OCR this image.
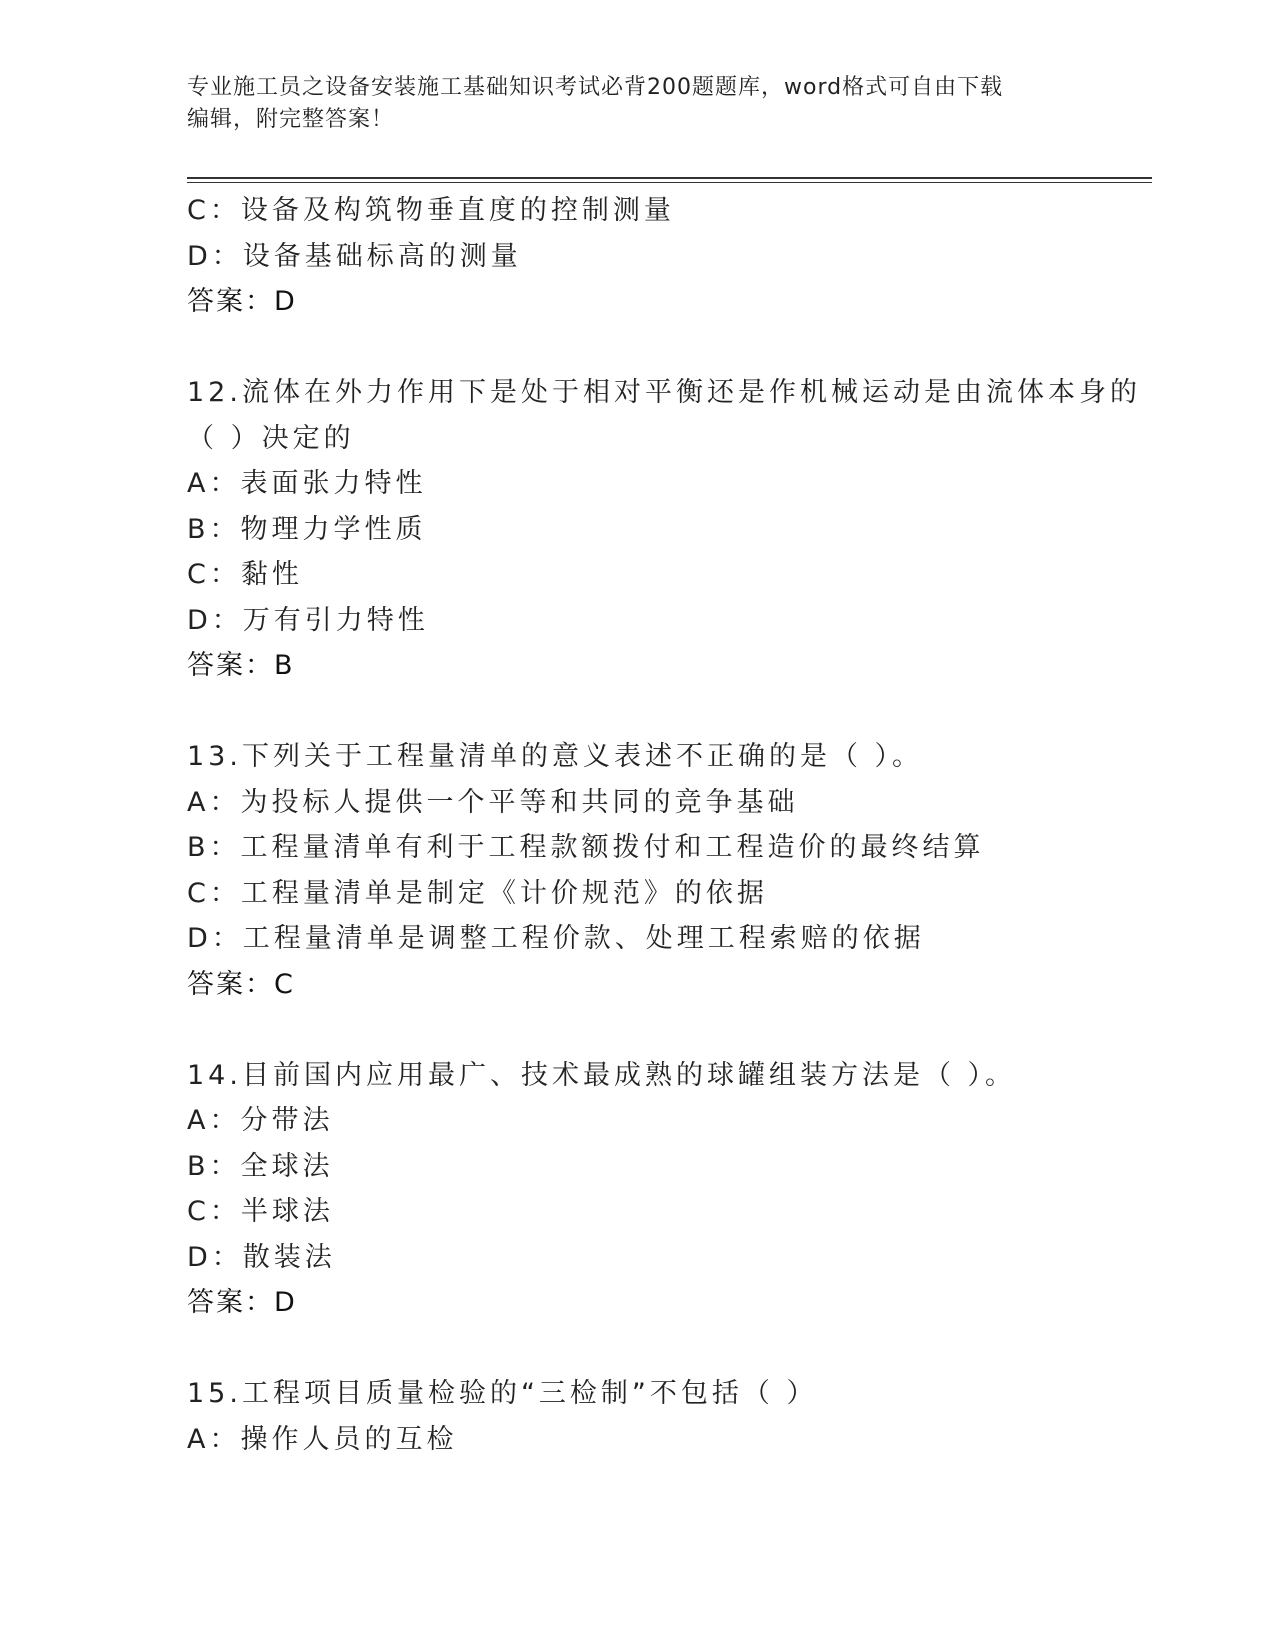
专业施工员之设备安装施工基础知识考试必背200题题库，word格式可自由下载
编辑，附完整答案！
C：设备及构筑物垂直度的控制测量
D：设备基础标高的测量
答案：D
12.流体在外力作用下是处于相对平衡还是作机械运动是由流体本身的
（ ）决定的
A：表面张力特性
B：物理力学性质
C：黏性
D：万有引力特性
答案：B
13.下列关于工程量清单的意义表述不正确的是（ ）。
A：为投标人提供一个平等和共同的竞争基础
B：工程量清单有利于工程款额拨付和工程造价的最终结算
C：工程量清单是制定《计价规范》的依据
D：工程量清单是调整工程价款、处理工程索赔的依据
答案：C
14.目前国内应用最广、技术最成熟的球罐组装方法是（ ）。
A：分带法
B：全球法
C：半球法
D：散装法
答案：D
15.工程项目质量检验的“三检制”不包括（ ）
A：操作人员的互检
